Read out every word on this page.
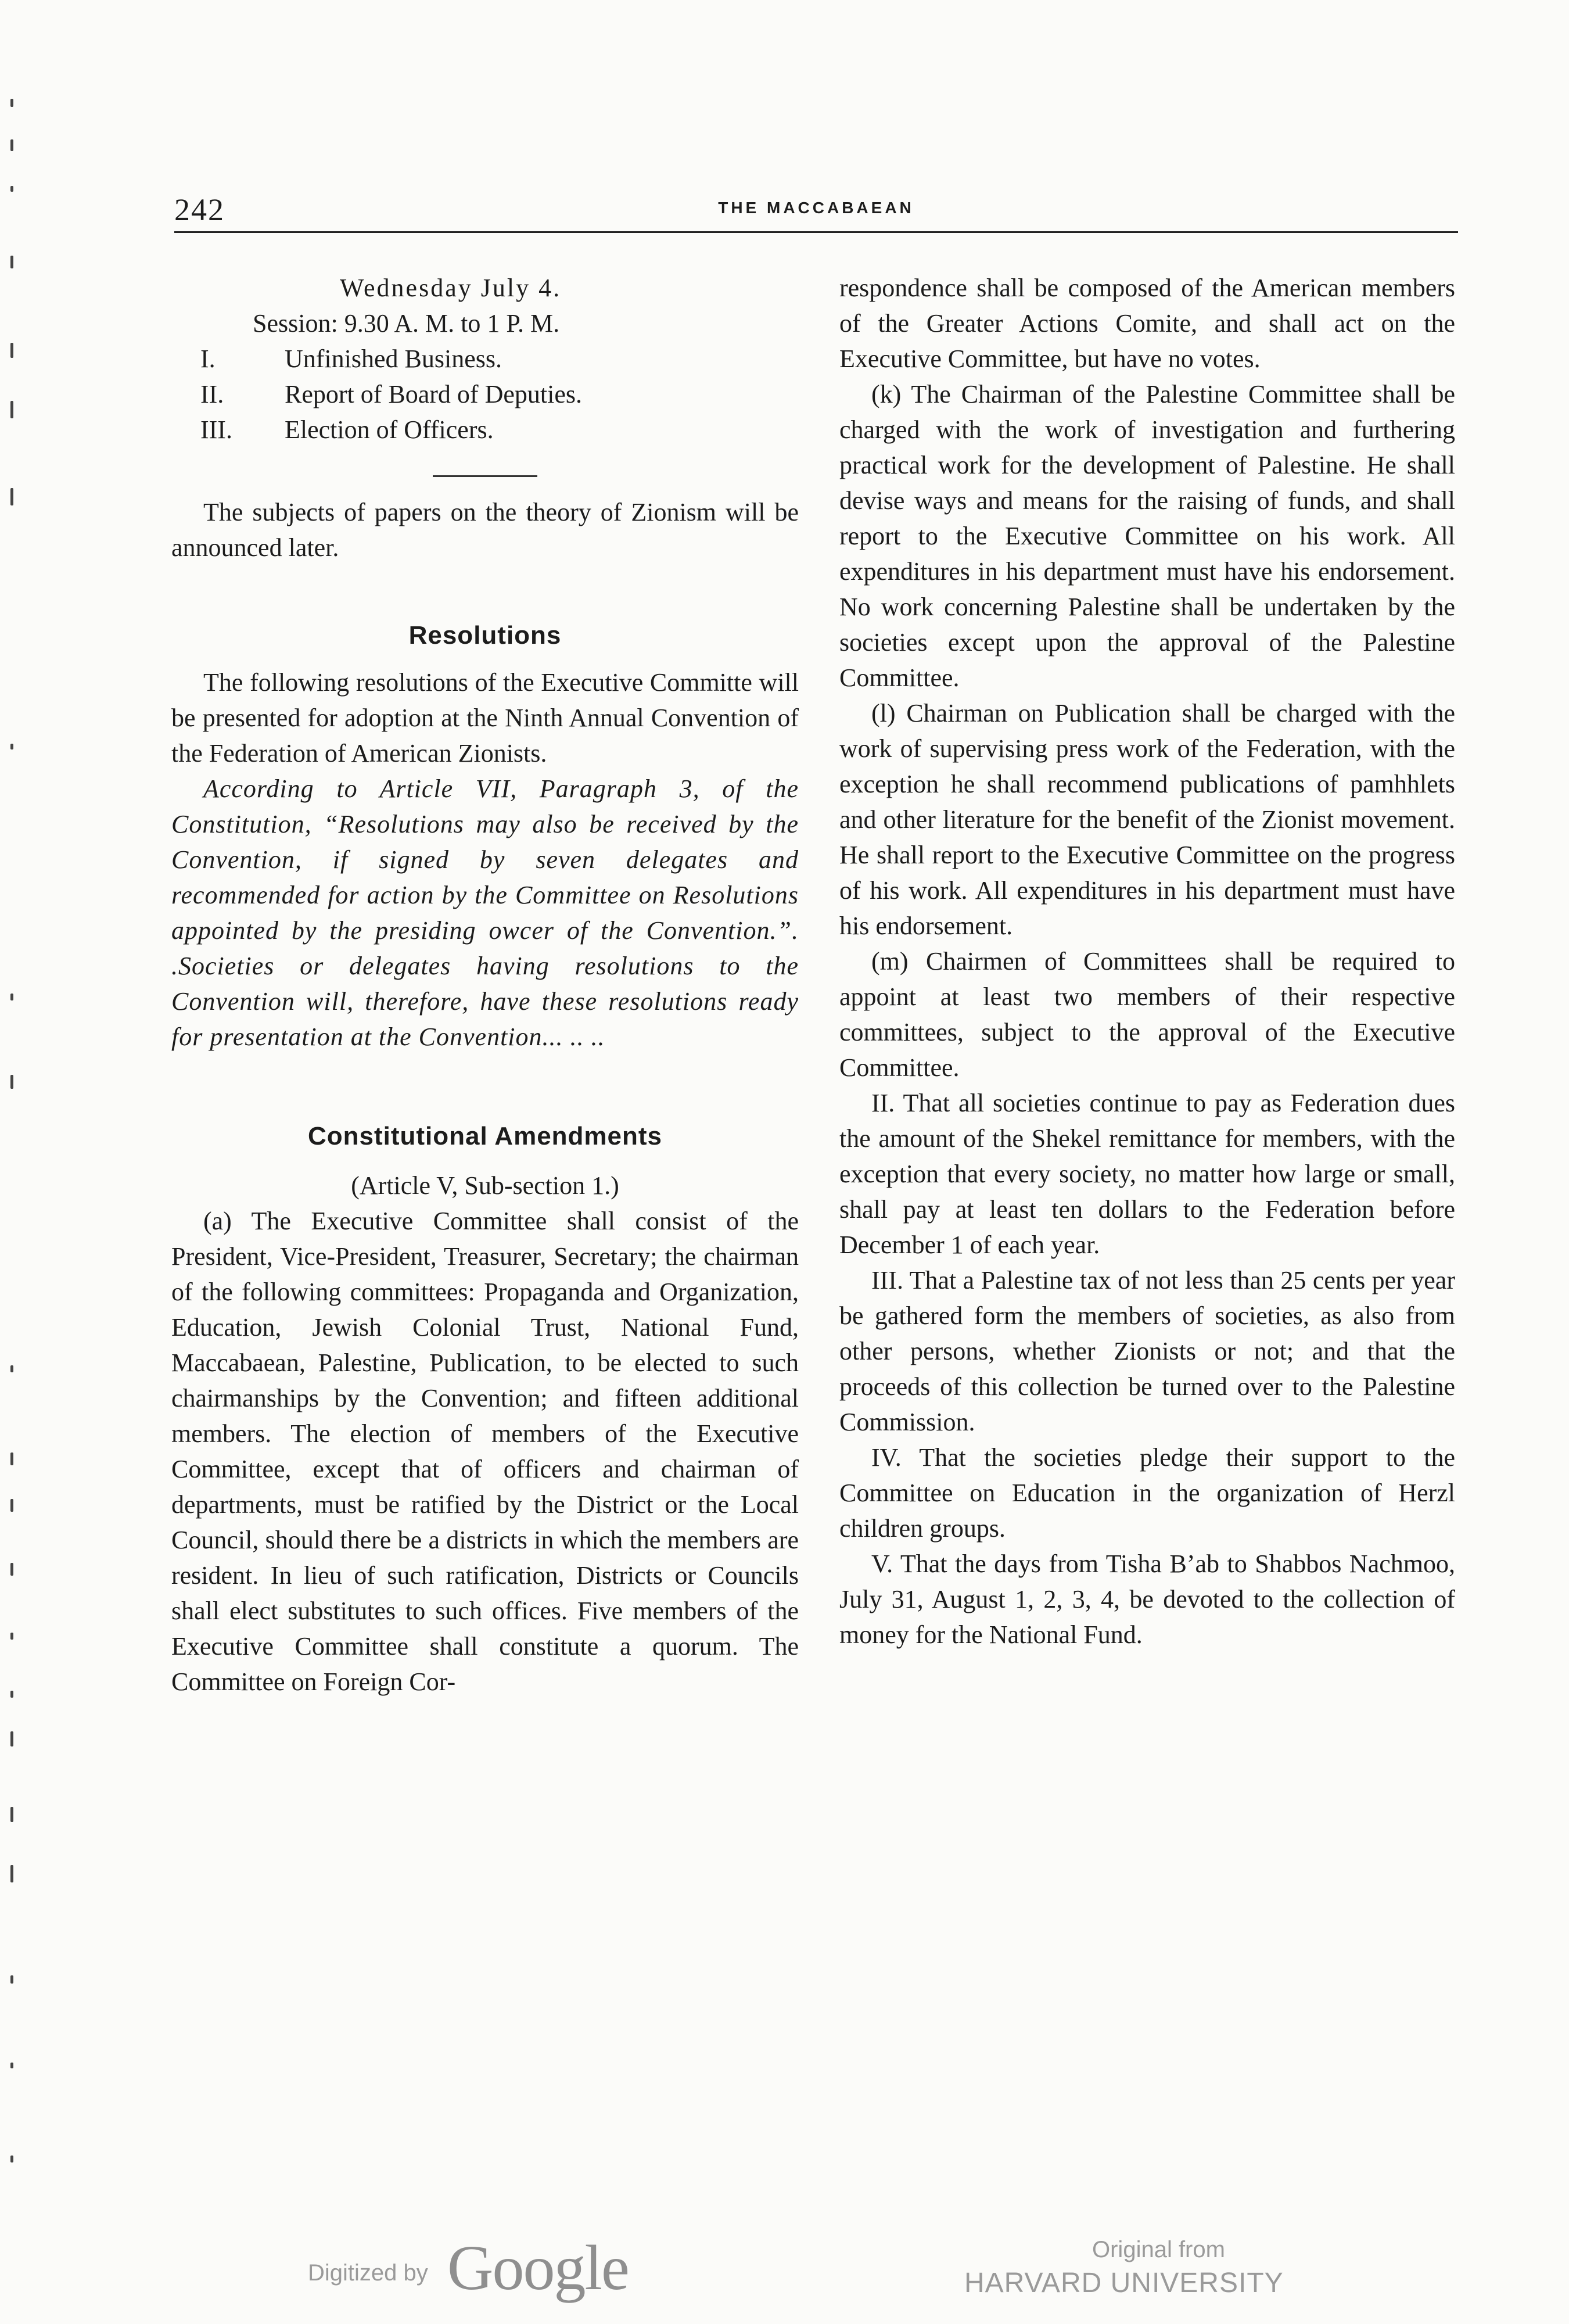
242	THE MACCABAEAN

Wednesday July 4.

Session: 9.30 A. M. to 1 P. M.

I.	Unfinished Business.
II.	Report of Board of Deputies.
III.	Election of Officers.

The subjects of papers on the theory of Zionism will be announced later.

Resolutions

The following resolutions of the Executive Committe will be presented for adoption at the Ninth Annual Convention of the Federation of American Zionists.

According to Article VII, Paragraph 3, of the Constitution, “Resolutions may also be received by the Convention, if signed by seven delegates and recommended for action by the Committee on Resolutions appointed by the presiding owcer of the Convention.”. .Societies or delegates having resolutions to the Convention will, therefore, have these resolutions ready for presentation at the Convention... .. ..

Constitutional Amendments

(Article V, Sub-section 1.)

(a) The Executive Committee shall consist of the President, Vice-President, Treasurer, Secretary; the chairman of the following committees: Propaganda and Organization, Education, Jewish Colonial Trust, National Fund, Maccabaean, Palestine, Publication, to be elected to such chairmanships by the Convention; and fifteen additional members. The election of members of the Executive Committee, except that of officers and chairman of departments, must be ratified by the District or the Local Council, should there be a districts in which the members are resident. In lieu of such ratification, Districts or Councils shall elect substitutes to such offices. Five members of the Executive Committee shall constitute a quorum. The Committee on Foreign Cor-

respondence shall be composed of the American members of the Greater Actions Comite, and shall act on the Executive Committee, but have no votes.

(k) The Chairman of the Palestine Committee shall be charged with the work of investigation and furthering practical work for the development of Palestine. He shall devise ways and means for the raising of funds, and shall report to the Executive Committee on his work. All expenditures in his department must have his endorsement. No work concerning Palestine shall be undertaken by the societies except upon the approval of the Palestine Committee.

(l) Chairman on Publication shall be charged with the work of supervising press work of the Federation, with the exception he shall recommend publications of pamhhlets and other literature for the benefit of the Zionist movement. He shall report to the Executive Committee on the progress of his work. All expenditures in his department must have his endorsement.

(m) Chairmen of Committees shall be required to appoint at least two members of their respective committees, subject to the approval of the Executive Committee.

II. That all societies continue to pay as Federation dues the amount of the Shekel remittance for members, with the exception that every society, no matter how large or small, shall pay at least ten dollars to the Federation before December 1 of each year.

III. That a Palestine tax of not less than 25 cents per year be gathered form the members of societies, as also from other persons, whether Zionists or not; and that the proceeds of this collection be turned over to the Palestine Commission.

IV. That the societies pledge their support to the Committee on Education in the organization of Herzl children groups.

V. That the days from Tisha B’ab to Shabbos Nachmoo, July 31, August 1, 2, 3, 4, be devoted to the collection of money for the National Fund.

Digitized by Google	Original from
HARVARD UNIVERSITY
